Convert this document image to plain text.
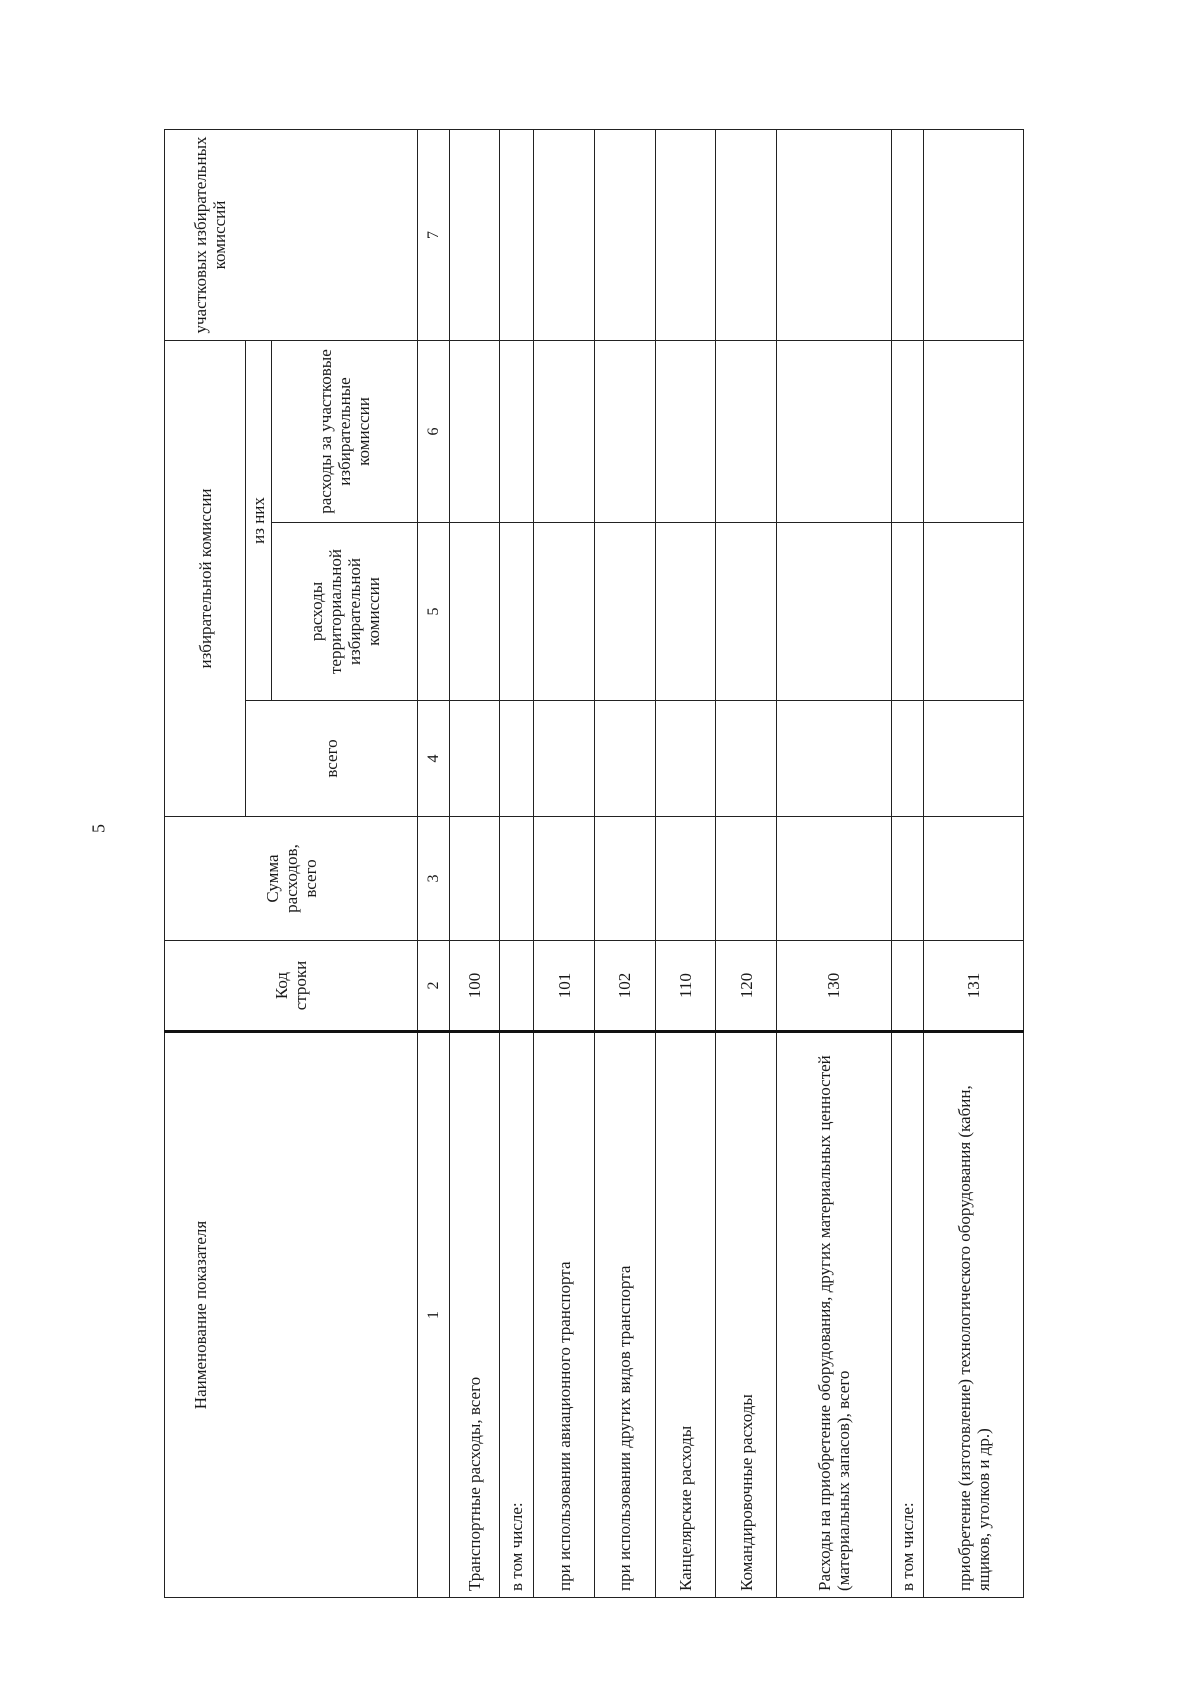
5
Наименование показателя	Код строки	Сумма расходов, всего	избирательной комиссии			участковых избирательных комиссий
			всего	из них		
				расходы территориальной избирательной комиссии	расходы за участковые избирательные комиссии	
1	2	3	4	5	6	7
Транспортные расходы, всего	100					
в том числе:						
при использовании авиационного транспорта	101					
при использовании других видов транспорта	102					
Канцелярские расходы	110					
Командировочные расходы	120					
Расходы на приобретение оборудования, других материальных ценностей (материальных запасов), всего	130					
в том числе:						
приобретение (изготовление) технологического оборудования (кабин, ящиков, уголков и др.)	131					
